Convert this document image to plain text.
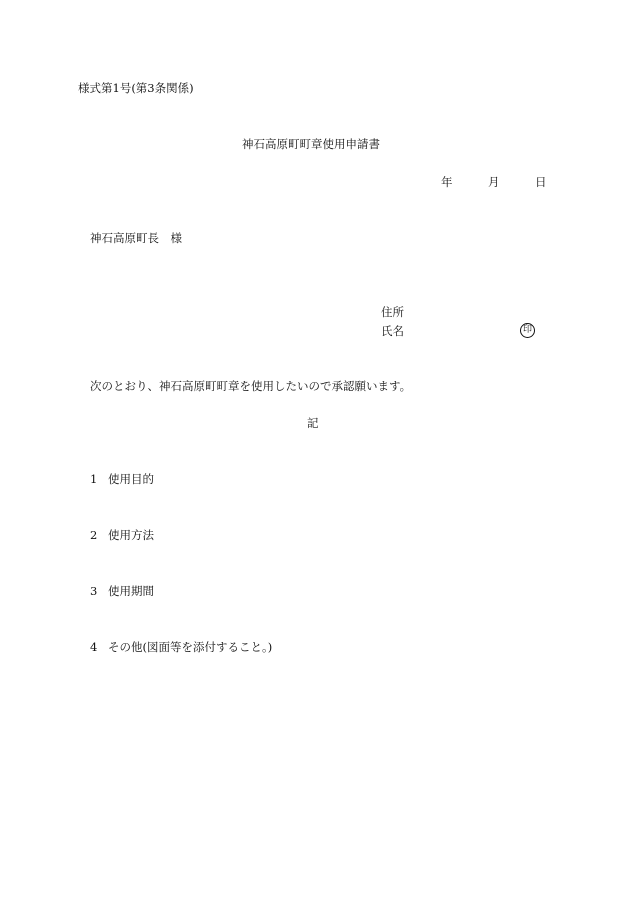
様式第1号(第3条関係)
神石高原町町章使用申請書
年	月	日
神石高原町長　様
住所
氏名	印
次のとおり、神石高原町町章を使用したいので承認願います。
記
1 使用目的
2 使用方法
3 使用期間
4 その他(図面等を添付すること。)
